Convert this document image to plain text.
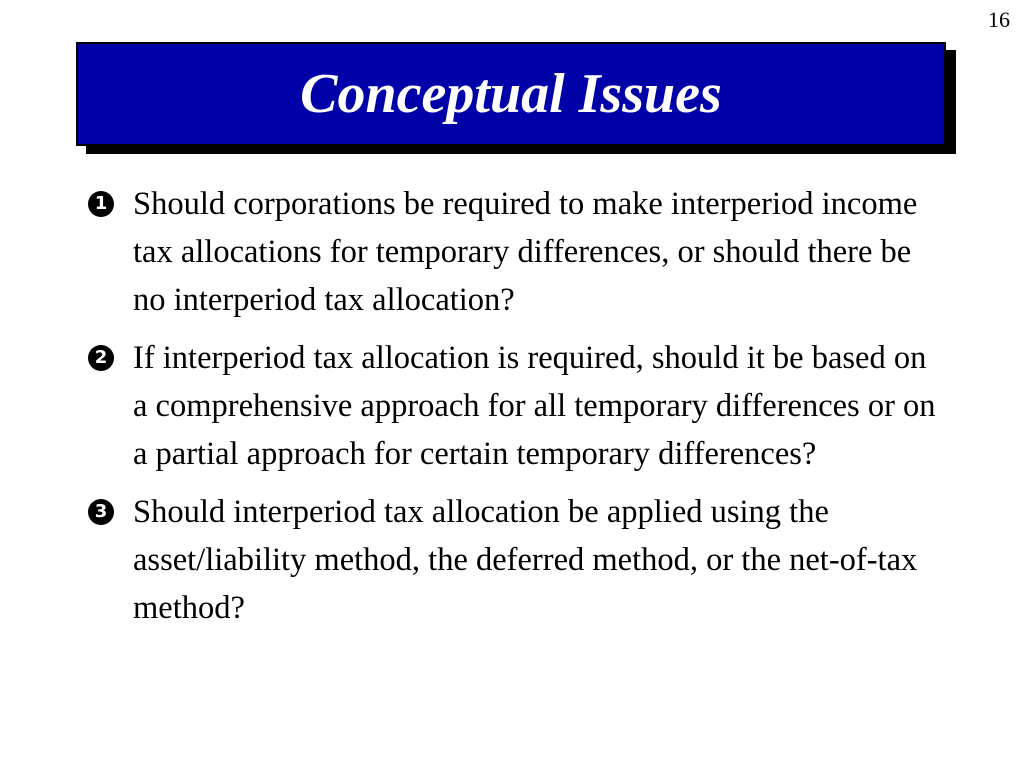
16
Conceptual Issues
1 Should corporations be required to make interperiod income tax allocations for temporary differences, or should there be no interperiod tax allocation?
2 If interperiod tax allocation is required, should it be based on a comprehensive approach for all temporary differences or on a partial approach for certain temporary differences?
3 Should interperiod tax allocation be applied using the asset/liability method, the deferred method, or the net-of-tax method?
